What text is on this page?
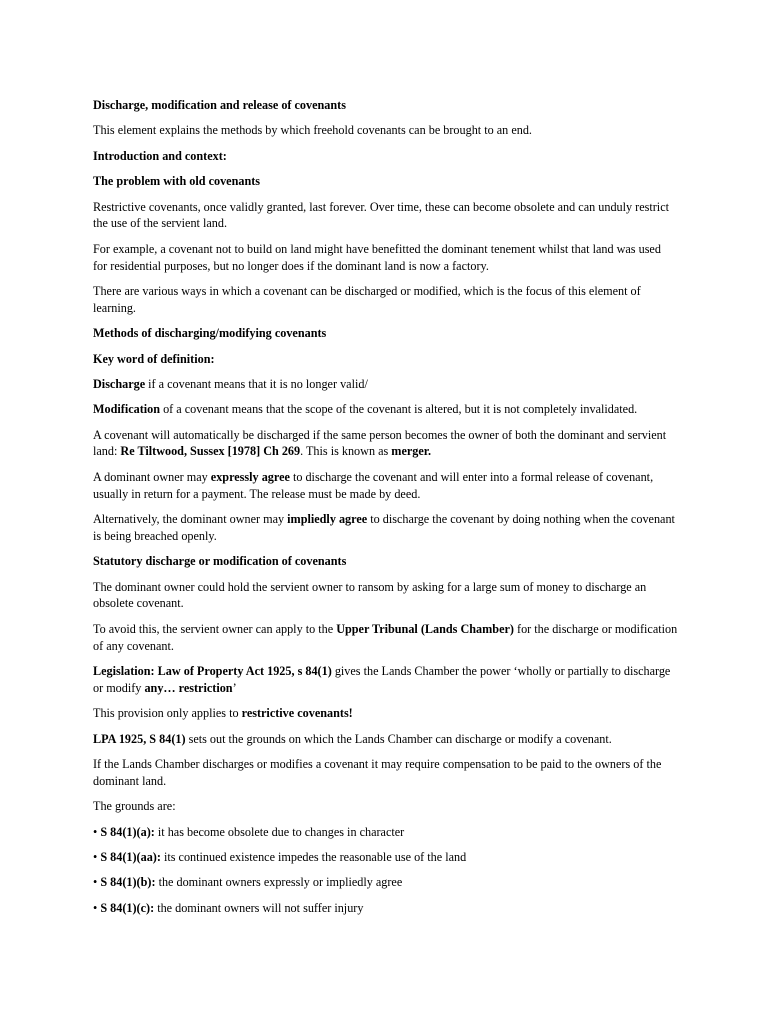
Discharge, modification and release of covenants

This element explains the methods by which freehold covenants can be brought to an end.

Introduction and context:

The problem with old covenants

Restrictive covenants, once validly granted, last forever. Over time, these can become obsolete and can unduly restrict the use of the servient land.

For example, a covenant not to build on land might have benefitted the dominant tenement whilst that land was used for residential purposes, but no longer does if the dominant land is now a factory.

There are various ways in which a covenant can be discharged or modified, which is the focus of this element of learning.

Methods of discharging/modifying covenants

Key word of definition:

Discharge if a covenant means that it is no longer valid/

Modification of a covenant means that the scope of the covenant is altered, but it is not completely invalidated.

A covenant will automatically be discharged if the same person becomes the owner of both the dominant and servient land: Re Tiltwood, Sussex [1978] Ch 269. This is known as merger.

A dominant owner may expressly agree to discharge the covenant and will enter into a formal release of covenant, usually in return for a payment. The release must be made by deed.

Alternatively, the dominant owner may impliedly agree to discharge the covenant by doing nothing when the covenant is being breached openly.

Statutory discharge or modification of covenants

The dominant owner could hold the servient owner to ransom by asking for a large sum of money to discharge an obsolete covenant.

To avoid this, the servient owner can apply to the Upper Tribunal (Lands Chamber) for the discharge or modification of any covenant.

Legislation: Law of Property Act 1925, s 84(1) gives the Lands Chamber the power ‘wholly or partially to discharge or modify any… restriction’

This provision only applies to restrictive covenants!

LPA 1925, S 84(1) sets out the grounds on which the Lands Chamber can discharge or modify a covenant.

If the Lands Chamber discharges or modifies a covenant it may require compensation to be paid to the owners of the dominant land.

The grounds are:

• S 84(1)(a): it has become obsolete due to changes in character

• S 84(1)(aa): its continued existence impedes the reasonable use of the land

• S 84(1)(b): the dominant owners expressly or impliedly agree

• S 84(1)(c): the dominant owners will not suffer injury
